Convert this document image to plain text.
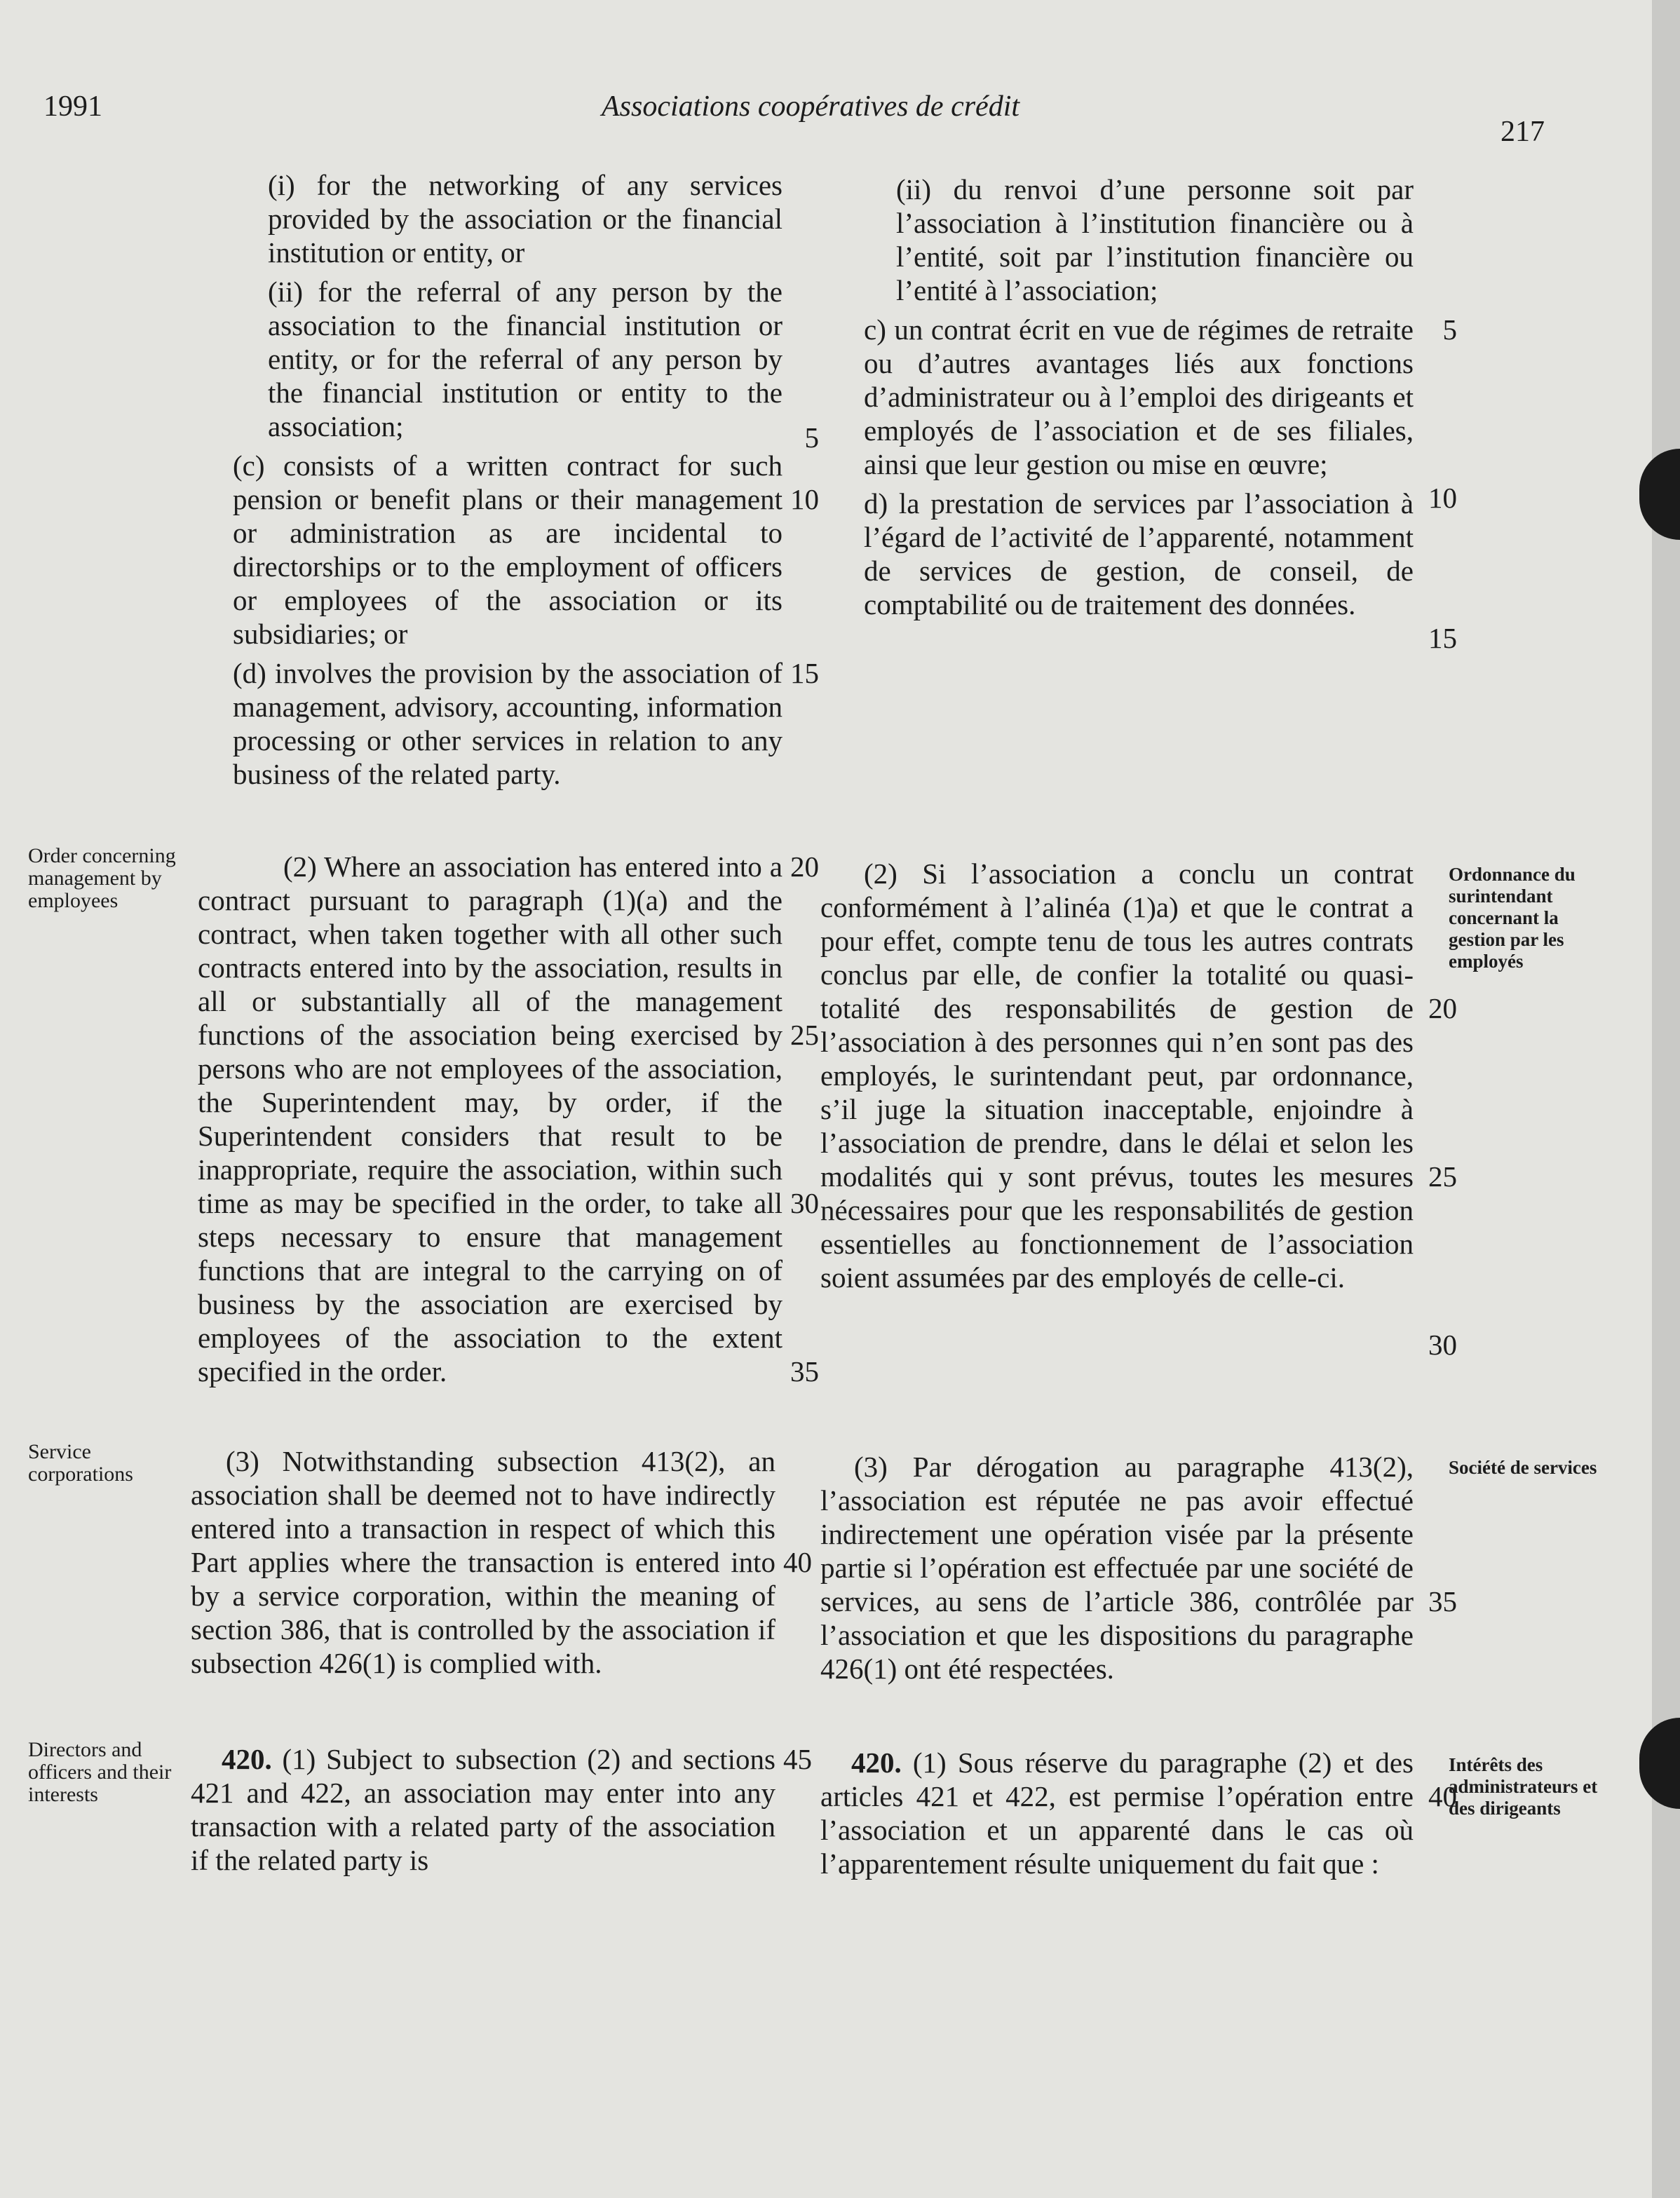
1991	Associations coopératives de crédit
217

(i) for the networking of any services provided by the association or the financial institution or entity, or

(ii) for the referral of any person by the association to the financial institution or entity, or for the referral of any person by the financial institution or entity to the association;	5

(c) consists of a written contract for such pension or benefit plans or their management or administration as are incidental to directorships or to the employment of officers or employees of the association or its subsidiaries; or
10

(d) involves the provision by the association of management, advisory, accounting, information processing or other services in relation to any business of the related party.
15

(ii) du renvoi d’une personne soit par l’association à l’institution financière ou à l’entité, soit par l’institution financière ou l’entité à l’association;

c) un contrat écrit en vue de régimes de retraite ou d’autres avantages liés aux fonctions d’administrateur ou à l’emploi des dirigeants et employés de l’association et de ses filiales, ainsi que leur gestion ou mise en œuvre;
5
10

d) la prestation de services par l’association à l’égard de l’activité de l’apparenté, notamment de services de gestion, de conseil, de comptabilité ou de traitement des données.
15

Order concerning management by employees

(2) Where an association has entered into a contract pursuant to paragraph (1)(a) and the contract, when taken together with all other such contracts entered into by the association, results in all or substantially all of the management functions of the association being exercised by persons who are not employees of the association, the Superintendent may, by order, if the Superintendent considers that result to be inappropriate, require the association, within such time as may be specified in the order, to take all steps necessary to ensure that management functions that are integral to the carrying on of business by the association are exercised by employees of the association to the extent specified in the order.
20
25
30
35

(2) Si l’association a conclu un contrat conformément à l’alinéa (1)a) et que le contrat a pour effet, compte tenu de tous les autres contrats conclus par elle, de confier la totalité ou quasi-totalité des responsabilités de gestion de l’association à des personnes qui n’en sont pas des employés, le surintendant peut, par ordonnance, s’il juge la situation inacceptable, enjoindre à l’association de prendre, dans le délai et selon les modalités qui y sont prévus, toutes les mesures nécessaires pour que les responsabilités de gestion essentielles au fonctionnement de l’association soient assumées par des employés de celle-ci.
20
25
30

Ordonnance du surintendant concernant la gestion par les employés
Service corporations	(3) Notwithstanding subsection 413(2), an association shall be deemed not to have indirectly entered into a transaction in respect of which this Part applies where the transaction is entered into by a service corporation, within the meaning of section 386, that is controlled by the association if subsection 426(1) is complied with.
40

(3) Par dérogation au paragraphe 413(2), l’association est réputée ne pas avoir effectué indirectement une opération visée par la présente partie si l’opération est effectuée par une société de services, au sens de l’article 386, contrôlée par l’association et que les dispositions du paragraphe 426(1) ont été respectées.
35

Société de services
Directors and officers and their interests

420. (1) Subject to subsection (2) and sections 421 and 422, an association may enter into any transaction with a related party of the association if the related party is
45	420. (1) Sous réserve du paragraphe (2) et des articles 421 et 422, est permise l’opération entre l’association et un apparenté dans le cas où l’apparentement résulte uniquement du fait que :
40

Intérêts des administrateurs et des dirigeants
